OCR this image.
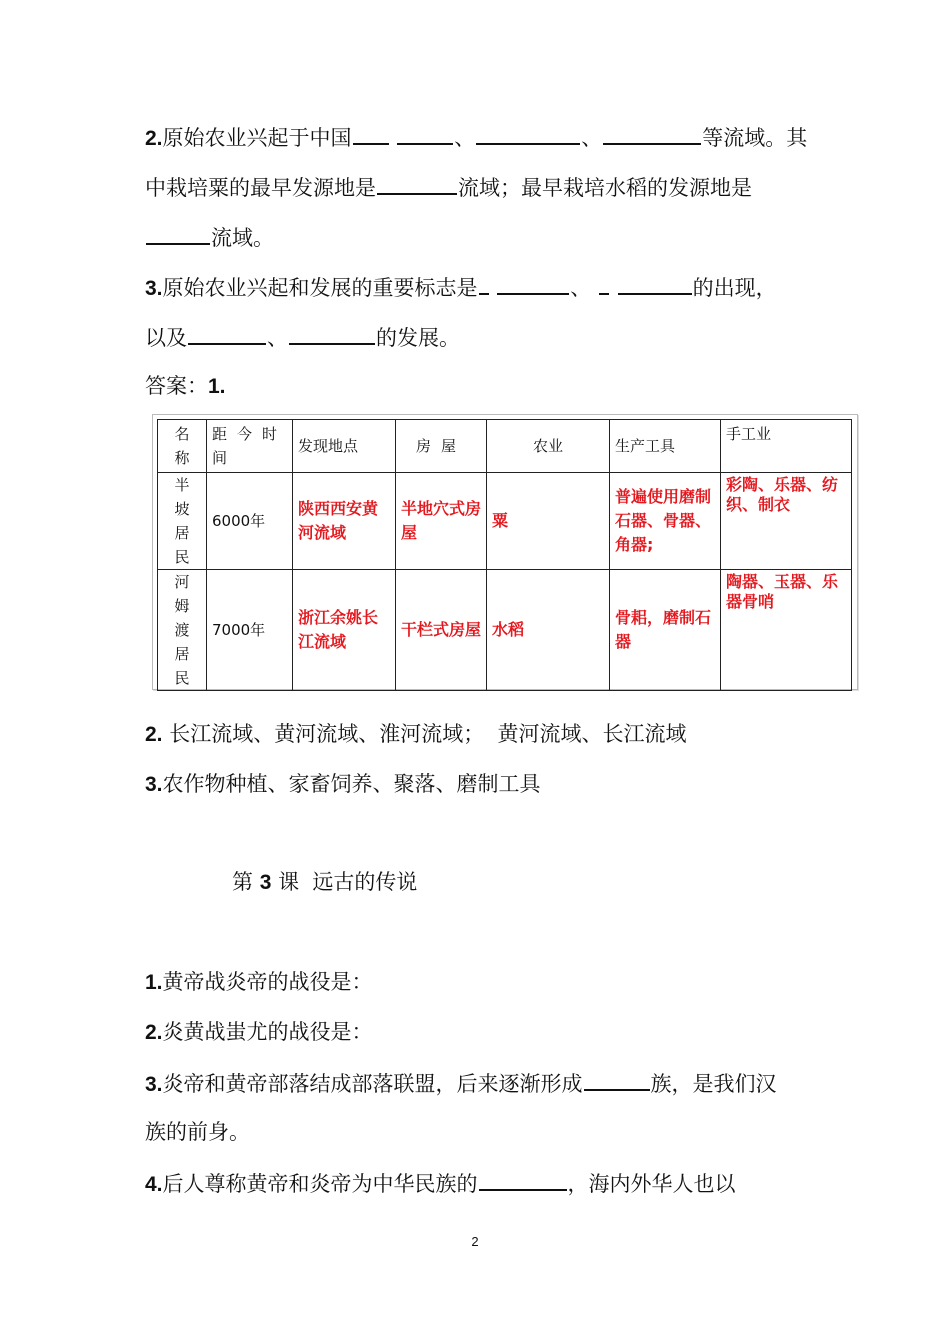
2.原始农业兴起于中国	、	、	等流域。其
中栽培粟的最早发源地是	流域；最早栽培水稻的发源地是
流域。
3.原始农业兴起和发展的重要标志是	、	的出现，
以及	、	的发展。
答案：1.
名
称	距今时间	发现地点	房屋	农业	生产工具	手工业

半
坡
居
民	6000年	陕西西安黄河流域	半地穴式房屋	粟	普遍使用磨制石器、骨器、角器;	彩陶、乐器、纺织、制衣

河
姆
渡
居
民	7000年	浙江余姚长江流域	干栏式房屋	水稻	骨耜，磨制石器	陶器、玉器、乐器骨哨
2. 长江流域、黄河流域、淮河流域；  黄河流域、长江流域
3.农作物种植、家畜饲养、聚落、磨制工具
第 3 课  远古的传说
1.黄帝战炎帝的战役是：
2.炎黄战蚩尤的战役是：
3.炎帝和黄帝部落结成部落联盟，后来逐渐形成	族，是我们汉
族的前身。
4.后人尊称黄帝和炎帝为中华民族的	，海内外华人也以
2
